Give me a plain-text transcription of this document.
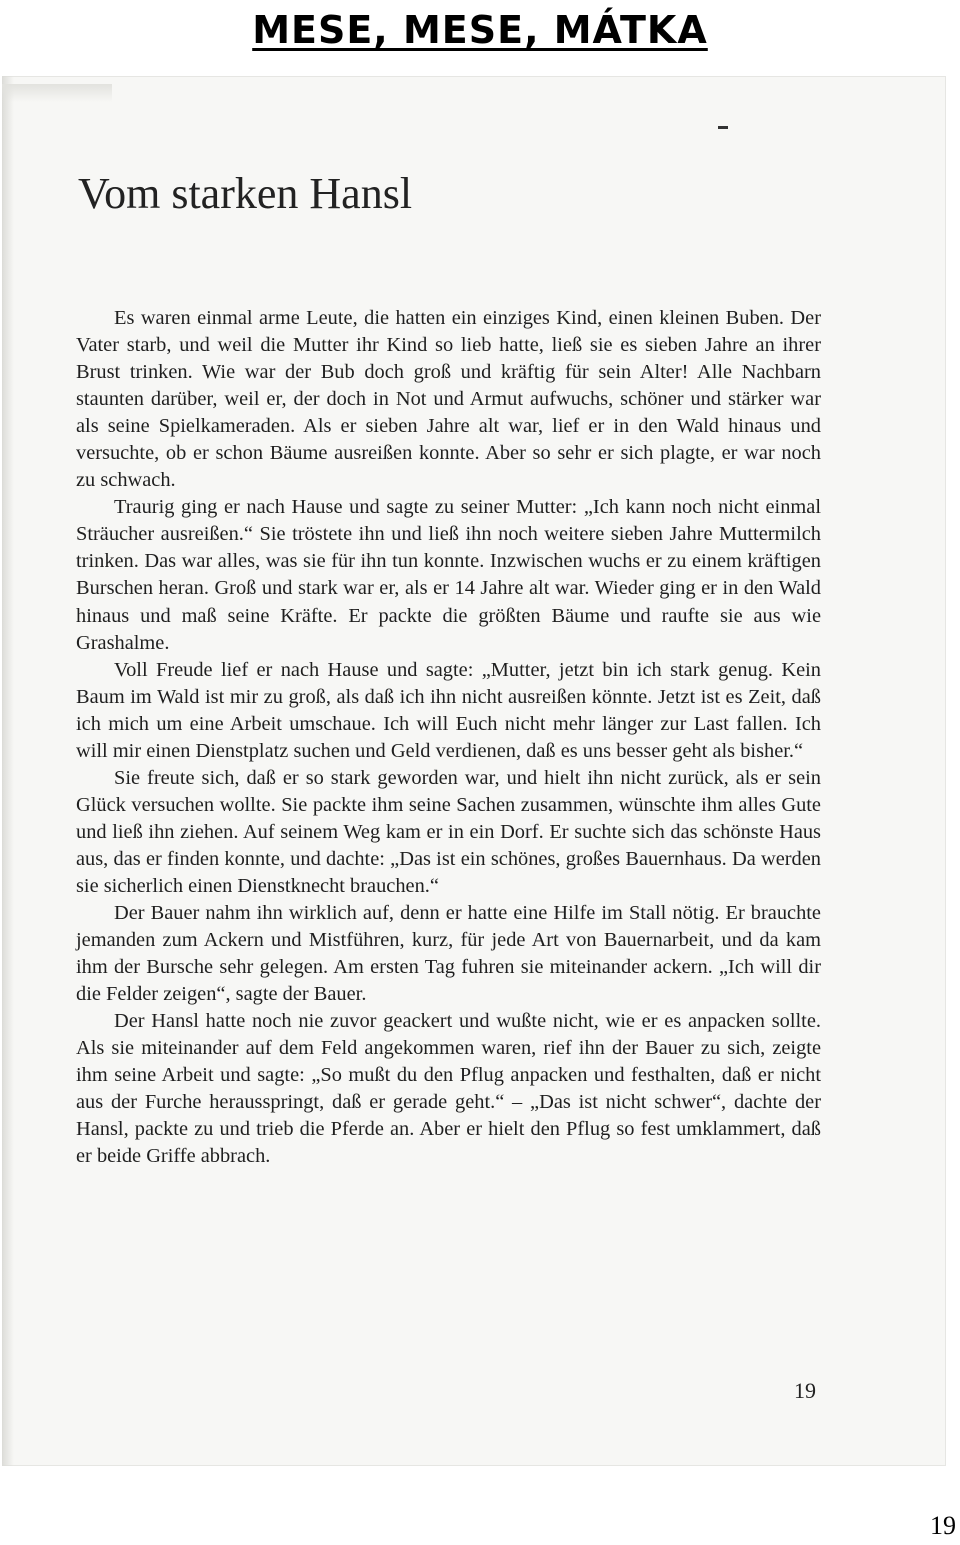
MESE, MESE, MÁTKA
Vom starken Hansl

Es waren einmal arme Leute, die hatten ein einziges Kind, einen kleinen Buben. Der Vater starb, und weil die Mutter ihr Kind so lieb hatte, ließ sie es sieben Jahre an ihrer Brust trinken. Wie war der Bub doch groß und kräftig für sein Alter! Alle Nachbarn staunten darüber, weil er, der doch in Not und Armut aufwuchs, schöner und stärker war als seine Spielkameraden. Als er sieben Jahre alt war, lief er in den Wald hinaus und versuchte, ob er schon Bäume ausreißen konnte. Aber so sehr er sich plagte, er war noch zu schwach.

Traurig ging er nach Hause und sagte zu seiner Mutter: „Ich kann noch nicht einmal Sträucher ausreißen.“ Sie tröstete ihn und ließ ihn noch weitere sieben Jahre Muttermilch trinken. Das war alles, was sie für ihn tun konnte. Inzwischen wuchs er zu einem kräftigen Burschen heran. Groß und stark war er, als er 14 Jahre alt war. Wieder ging er in den Wald hinaus und maß seine Kräfte. Er packte die größten Bäume und raufte sie aus wie Grashalme.

Voll Freude lief er nach Hause und sagte: „Mutter, jetzt bin ich stark genug. Kein Baum im Wald ist mir zu groß, als daß ich ihn nicht ausreißen könnte. Jetzt ist es Zeit, daß ich mich um eine Arbeit umschaue. Ich will Euch nicht mehr länger zur Last fallen. Ich will mir einen Dienstplatz suchen und Geld verdienen, daß es uns besser geht als bisher.“

Sie freute sich, daß er so stark geworden war, und hielt ihn nicht zurück, als er sein Glück versuchen wollte. Sie packte ihm seine Sachen zusammen, wünschte ihm alles Gute und ließ ihn ziehen. Auf seinem Weg kam er in ein Dorf. Er suchte sich das schönste Haus aus, das er finden konnte, und dachte: „Das ist ein schönes, großes Bauernhaus. Da werden sie sicherlich einen Dienstknecht brauchen.“

Der Bauer nahm ihn wirklich auf, denn er hatte eine Hilfe im Stall nötig. Er brauchte jemanden zum Ackern und Mistführen, kurz, für jede Art von Bauernarbeit, und da kam ihm der Bursche sehr gelegen. Am ersten Tag fuhren sie miteinander ackern. „Ich will dir die Felder zeigen“, sagte der Bauer.

Der Hansl hatte noch nie zuvor geackert und wußte nicht, wie er es anpacken sollte. Als sie miteinander auf dem Feld angekommen waren, rief ihn der Bauer zu sich, zeigte ihm seine Arbeit und sagte: „So mußt du den Pflug anpacken und festhalten, daß er nicht aus der Furche herausspringt, daß er gerade geht.“ – „Das ist nicht schwer“, dachte der Hansl, packte zu und trieb die Pferde an. Aber er hielt den Pflug so fest umklammert, daß er beide Griffe abbrach.

19
19
